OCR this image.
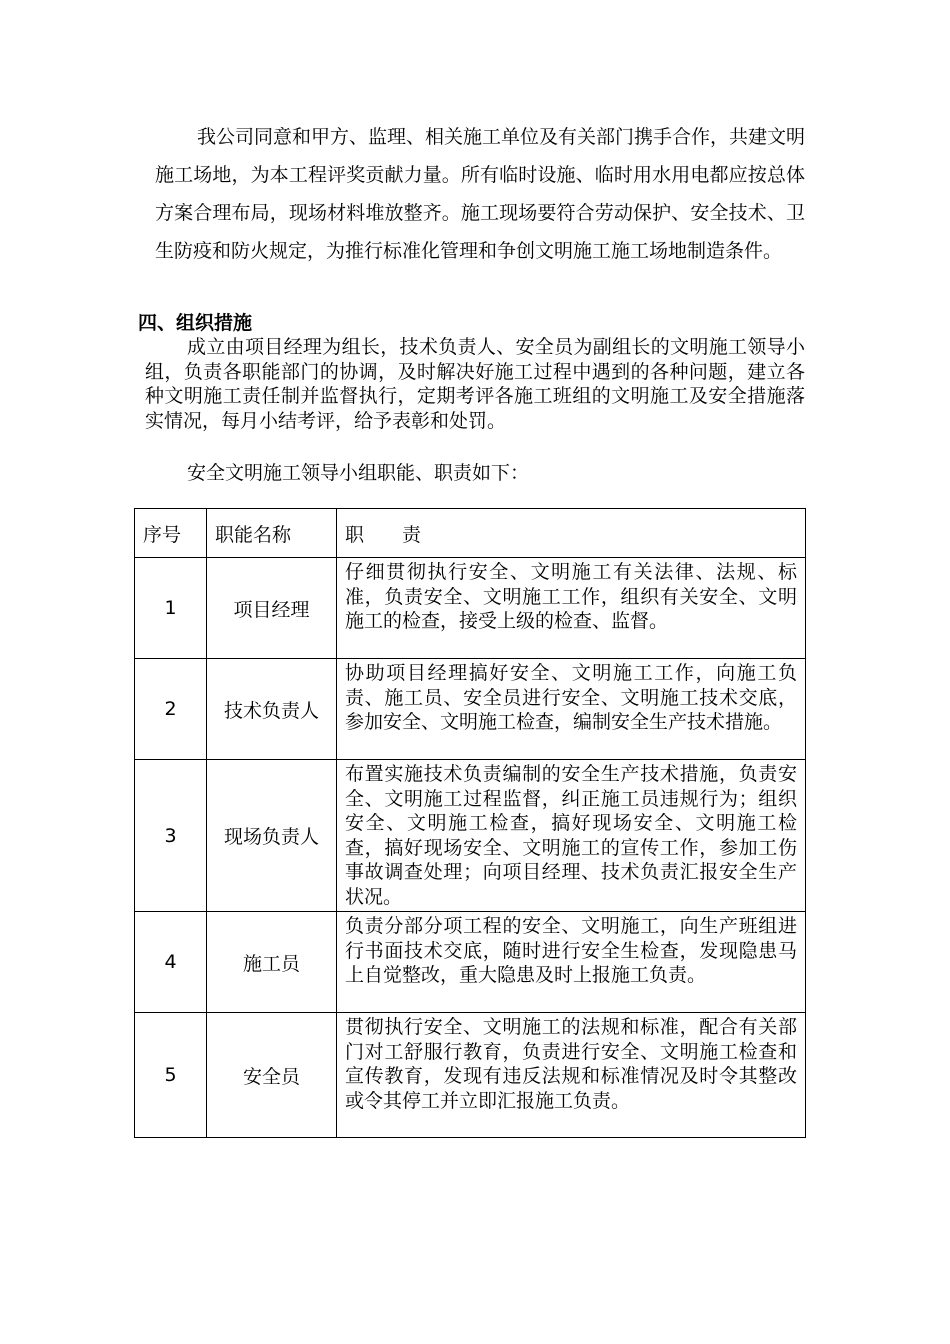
我公司同意和甲方、监理、相关施工单位及有关部门携手合作，共建文明施工场地，为本工程评奖贡献力量。所有临时设施、临时用水用电都应按总体方案合理布局，现场材料堆放整齐。施工现场要符合劳动保护、安全技术、卫生防疫和防火规定，为推行标准化管理和争创文明施工施工场地制造条件。

四、组织措施

成立由项目经理为组长，技术负责人、安全员为副组长的文明施工领导小组，负责各职能部门的协调，及时解决好施工过程中遇到的各种问题，建立各种文明施工责任制并监督执行，定期考评各施工班组的文明施工及安全措施落实情况，每月小结考评，给予表彰和处罚。

安全文明施工领导小组职能、职责如下：

序号	职能名称	职　　责
1	项目经理	仔细贯彻执行安全、文明施工有关法律、法规、标准，负责安全、文明施工工作，组织有关安全、文明施工的检查，接受上级的检查、监督。
2	技术负责人	协助项目经理搞好安全、文明施工工作，向施工负责、施工员、安全员进行安全、文明施工技术交底，参加安全、文明施工检查，编制安全生产技术措施。
3	现场负责人	布置实施技术负责编制的安全生产技术措施，负责安全、文明施工过程监督，纠正施工员违规行为；组织安全、文明施工检查，搞好现场安全、文明施工检查，搞好现场安全、文明施工的宣传工作，参加工伤事故调查处理；向项目经理、技术负责汇报安全生产状况。
4	施工员	负责分部分项工程的安全、文明施工，向生产班组进行书面技术交底，随时进行安全生检查，发现隐患马上自觉整改，重大隐患及时上报施工负责。
5	安全员	贯彻执行安全、文明施工的法规和标准，配合有关部门对工舒服行教育，负责进行安全、文明施工检查和宣传教育，发现有违反法规和标准情况及时令其整改或令其停工并立即汇报施工负责。
